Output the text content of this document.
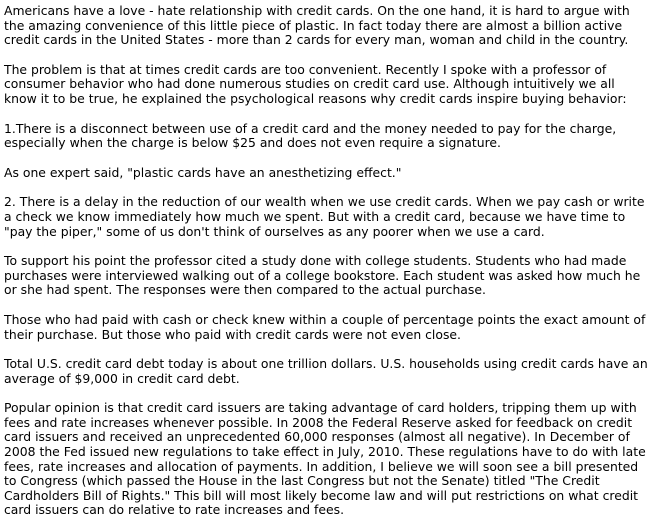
Americans have a love - hate relationship with credit cards. On the one hand, it is hard to argue with the amazing convenience of this little piece of plastic. In fact today there are almost a billion active credit cards in the United States - more than 2 cards for every man, woman and child in the country.

The problem is that at times credit cards are too convenient. Recently I spoke with a professor of consumer behavior who had done numerous studies on credit card use. Although intuitively we all know it to be true, he explained the psychological reasons why credit cards inspire buying behavior:

1.There is a disconnect between use of a credit card and the money needed to pay for the charge, especially when the charge is below $25 and does not even require a signature.

As one expert said, "plastic cards have an anesthetizing effect."

2. There is a delay in the reduction of our wealth when we use credit cards. When we pay cash or write a check we know immediately how much we spent. But with a credit card, because we have time to "pay the piper," some of us don't think of ourselves as any poorer when we use a card.

To support his point the professor cited a study done with college students. Students who had made purchases were interviewed walking out of a college bookstore. Each student was asked how much he or she had spent. The responses were then compared to the actual purchase.

Those who had paid with cash or check knew within a couple of percentage points the exact amount of their purchase. But those who paid with credit cards were not even close.

Total U.S. credit card debt today is about one trillion dollars. U.S. households using credit cards have an average of $9,000 in credit card debt.

Popular opinion is that credit card issuers are taking advantage of card holders, tripping them up with fees and rate increases whenever possible. In 2008 the Federal Reserve asked for feedback on credit card issuers and received an unprecedented 60,000 responses (almost all negative). In December of 2008 the Fed issued new regulations to take effect in July, 2010. These regulations have to do with late fees, rate increases and allocation of payments. In addition, I believe we will soon see a bill presented to Congress (which passed the House in the last Congress but not the Senate) titled "The Credit Cardholders Bill of Rights." This bill will most likely become law and will put restrictions on what credit card issuers can do relative to rate increases and fees.
